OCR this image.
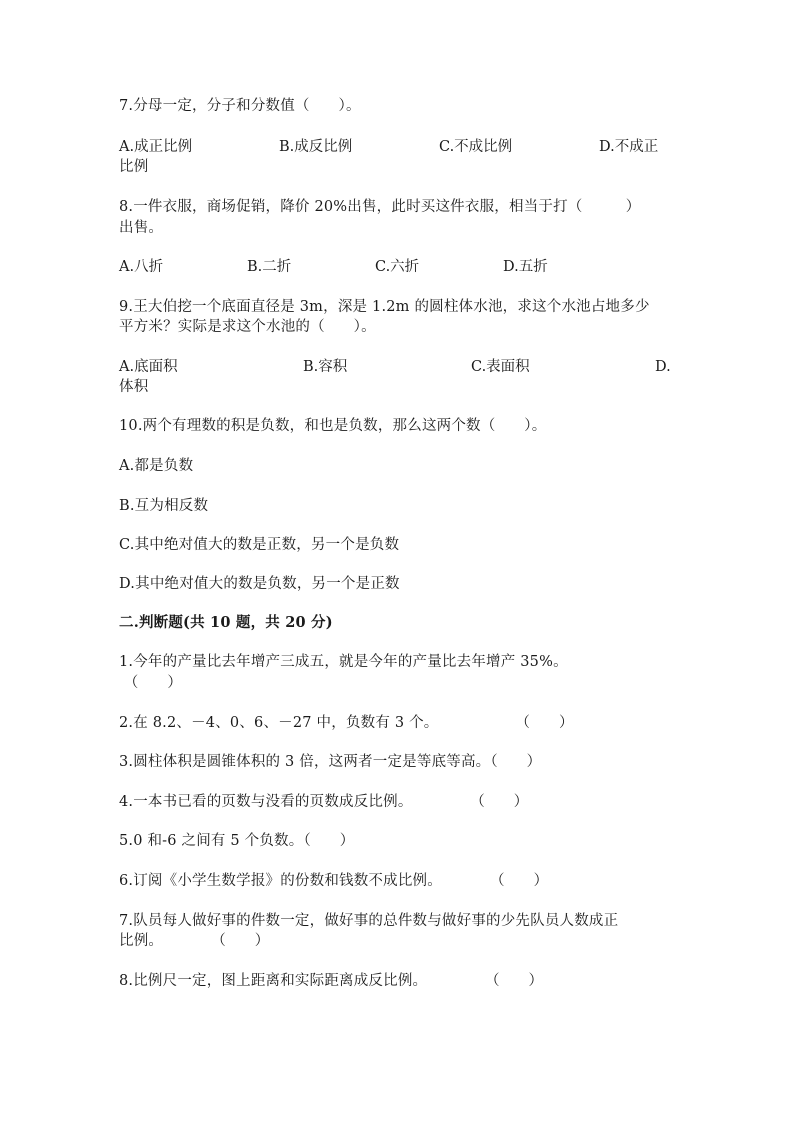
7.分母一定，分子和分数值（      ）。
A.成正比例	B.成反比例	C.不成比例	D.不成正
比例
8.一件衣服，商场促销，降价 20%出售，此时买这件衣服，相当于打（         ）
出售。
A.八折	B.二折	C.六折	D.五折
9.王大伯挖一个底面直径是 3m，深是 1.2m 的圆柱体水池，求这个水池占地多少
平方米？实际是求这个水池的（      ）。
A.底面积	B.容积	C.表面积	D.
体积
10.两个有理数的积是负数，和也是负数，那么这两个数（      ）。
A.都是负数
B.互为相反数
C.其中绝对值大的数是正数，另一个是负数
D.其中绝对值大的数是负数，另一个是正数
二.判断题(共 10 题，共 20 分)
1.今年的产量比去年增产三成五，就是今年的产量比去年增产 35%。
（      ）
2.在 8.2、－4、0、6、－27 中，负数有 3 个。                （      ）
3.圆柱体积是圆锥体积的 3 倍，这两者一定是等底等高。（      ）
4.一本书已看的页数与没看的页数成反比例。            （      ）
5.0 和-6 之间有 5 个负数。（      ）
6.订阅《小学生数学报》的份数和钱数不成比例。          （      ）
7.队员每人做好事的件数一定，做好事的总件数与做好事的少先队员人数成正
比例。          （      ）
8.比例尺一定，图上距离和实际距离成反比例。            （      ）
